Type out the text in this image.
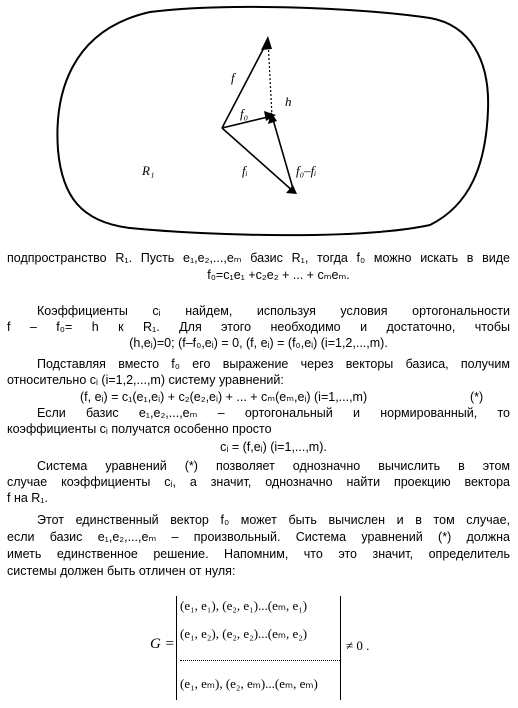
f
f₀
h
fᵢ	f₀–fᵢ
R₁
подпространство R₁. Пусть e₁,e₂,...,eₘ базис R₁, тогда f₀ можно искать в виде
f₀=c₁e₁ +c₂e₂ + ... + cₘeₘ.
Коэффициенты cᵢ найдем, используя условия ортогональности
f – f₀= h к R₁. Для этого необходимо и достаточно, чтобы
(h,eᵢ)=0; (f–f₀,eᵢ) = 0, (f, eᵢ) = (f₀,eᵢ) (i=1,2,...,m).
Подставляя вместо f₀ его выражение через векторы базиса, получим
относительно cᵢ (i=1,2,...,m) систему уравнений:
(f, eᵢ) = c₁(e₁,eᵢ) + c₂(e₂,eᵢ) + ... + cₘ(eₘ,eᵢ) (i=1,...,m)	(*)
Если базис e₁,e₂,...,eₘ – ортогональный и нормированный, то
коэффициенты cᵢ получатся особенно просто
cᵢ = (f,eᵢ) (i=1,...,m).
Система уравнений (*) позволяет однозначно вычислить в этом
случае коэффициенты cᵢ, а значит, однозначно найти проекцию вектора
f на R₁.
Этот единственный вектор f₀ может быть вычислен и в том случае,
если базис e₁,e₂,...,eₘ – произвольный. Система уравнений (*) должна
иметь единственное решение. Напомним, что это значит, определитель
системы должен быть отличен от нуля:
G =
(e₁, e₁), (e₂, e₁)...(eₘ, e₁)
(e₁, e₂), (e₂, e₂)...(eₘ, e₂)
(e₁, eₘ), (e₂, eₘ)...(eₘ, eₘ)
≠ 0 .
